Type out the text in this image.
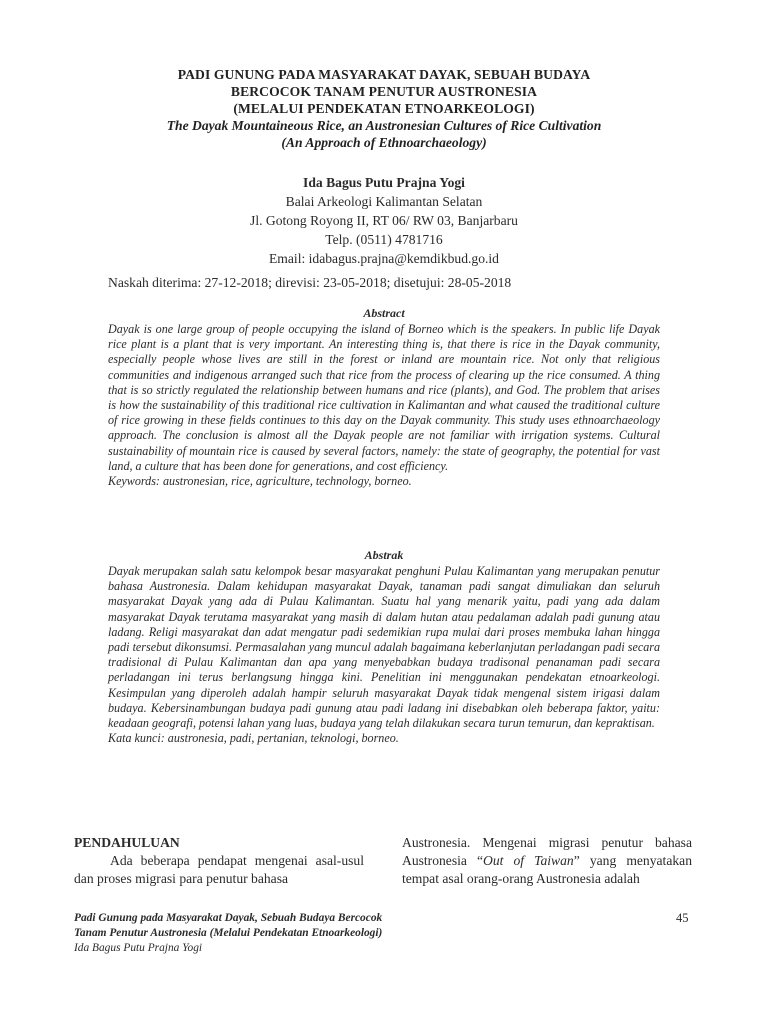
PADI GUNUNG PADA MASYARAKAT DAYAK, SEBUAH BUDAYA
BERCOCOK TANAM PENUTUR AUSTRONESIA
(MELALUI PENDEKATAN ETNOARKEOLOGI)
The Dayak Mountaineous Rice, an Austronesian Cultures of Rice Cultivation
(An Approach of Ethnoarchaeology)
Ida Bagus Putu Prajna Yogi
Balai Arkeologi Kalimantan Selatan
Jl. Gotong Royong II, RT 06/ RW 03, Banjarbaru
Telp. (0511) 4781716
Email: idabagus.prajna@kemdikbud.go.id
Naskah diterima: 27-12-2018; direvisi: 23-05-2018; disetujui: 28-05-2018
Abstract

Dayak is one large group of people occupying the island of Borneo which is the speakers. In public life Dayak rice plant is a plant that is very important. An interesting thing is, that there is rice in the Dayak community, especially people whose lives are still in the forest or inland are mountain rice. Not only that religious communities and indigenous arranged such that rice from the process of clearing up the rice consumed. A thing that is so strictly regulated the relationship between humans and rice (plants), and God. The problem that arises is how the sustainability of this traditional rice cultivation in Kalimantan and what caused the traditional culture of rice growing in these fields continues to this day on the Dayak community. This study uses ethnoarchaeology approach. The conclusion is almost all the Dayak people are not familiar with irrigation systems. Cultural sustainability of mountain rice is caused by several factors, namely: the state of geography, the potential for vast land, a culture that has been done for generations, and cost efficiency.

Keywords: austronesian, rice, agriculture, technology, borneo.

Abstrak

Dayak merupakan salah satu kelompok besar masyarakat penghuni Pulau Kalimantan yang merupakan penutur bahasa Austronesia. Dalam kehidupan masyarakat Dayak, tanaman padi sangat dimuliakan dan seluruh masyarakat Dayak yang ada di Pulau Kalimantan. Suatu hal yang menarik yaitu, padi yang ada dalam masyarakat Dayak terutama masyarakat yang masih di dalam hutan atau pedalaman adalah padi gunung atau ladang. Religi masyarakat dan adat mengatur padi sedemikian rupa mulai dari proses membuka lahan hingga padi tersebut dikonsumsi. Permasalahan yang muncul adalah bagaimana keberlanjutan perladangan padi secara tradisional di Pulau Kalimantan dan apa yang menyebabkan budaya tradisonal penanaman padi secara perladangan ini terus berlangsung hingga kini. Penelitian ini menggunakan pendekatan etnoarkeologi. Kesimpulan yang diperoleh adalah hampir seluruh masyarakat Dayak tidak mengenal sistem irigasi dalam budaya. Kebersinambungan budaya padi gunung atau padi ladang ini disebabkan oleh beberapa faktor, yaitu: keadaan geografi, potensi lahan yang luas, budaya yang telah dilakukan secara turun temurun, dan kepraktisan.

Kata kunci: austronesia, padi, pertanian, teknologi, borneo.

PENDAHULUAN

Ada beberapa pendapat mengenai asal-usul dan proses migrasi para penutur bahasa

Austronesia. Mengenai migrasi penutur bahasa Austronesia “Out of Taiwan” yang menyatakan tempat asal orang-orang Austronesia adalah

Padi Gunung pada Masyarakat Dayak, Sebuah Budaya Bercocok
Tanam Penutur Austronesia (Melalui Pendekatan Etnoarkeologi)
Ida Bagus Putu Prajna Yogi
45
